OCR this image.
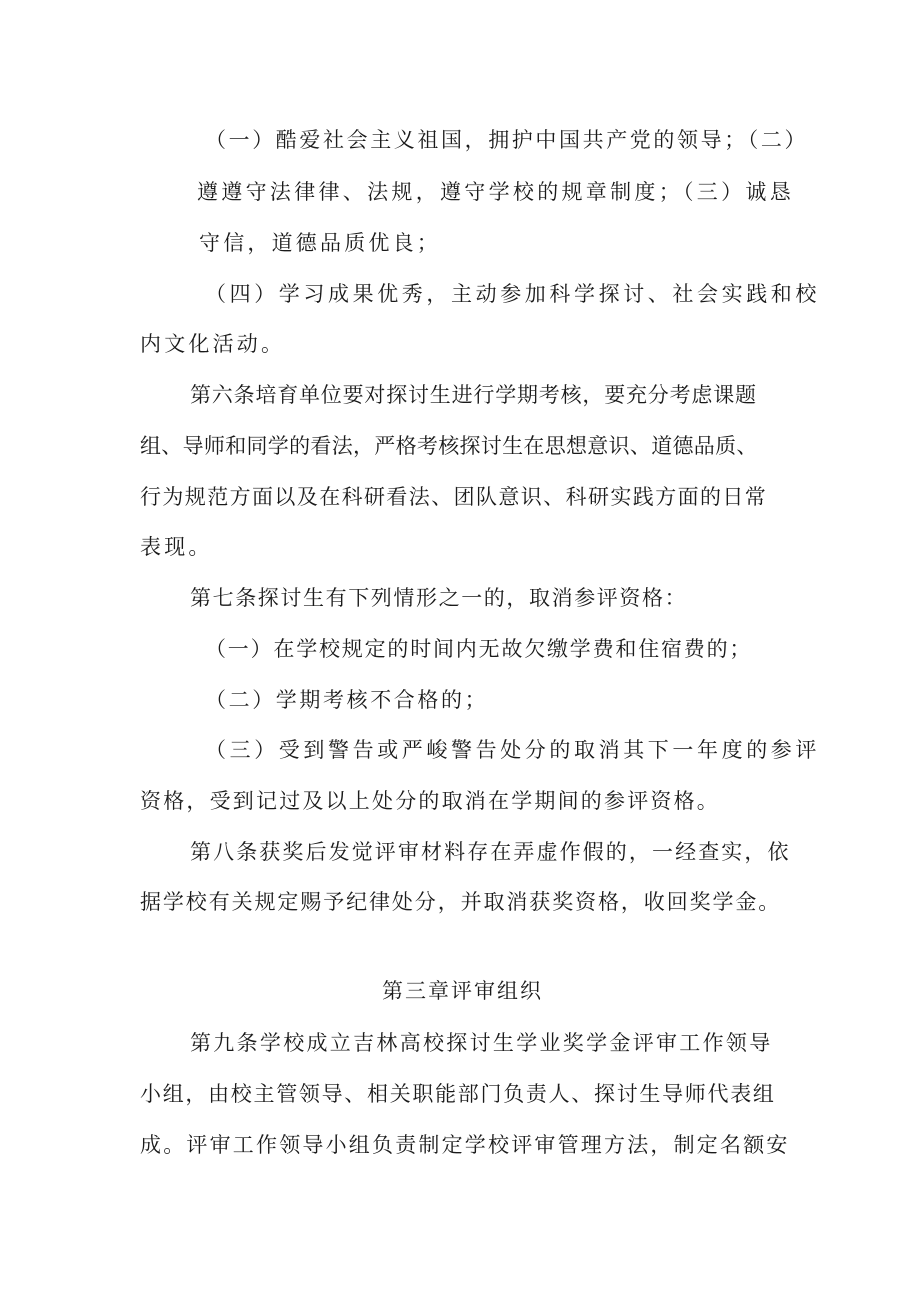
（一）酷爱社会主义祖国，拥护中国共产党的领导；（二）
遵遵守法律律、法规，遵守学校的规章制度；（三）诚恳
守信，道德品质优良；
（四）学习成果优秀，主动参加科学探讨、社会实践和校
内文化活动。
第六条培育单位要对探讨生进行学期考核，要充分考虑课题
组、导师和同学的看法，严格考核探讨生在思想意识、道德品质、
行为规范方面以及在科研看法、团队意识、科研实践方面的日常
表现。
第七条探讨生有下列情形之一的，取消参评资格：
（一）在学校规定的时间内无故欠缴学费和住宿费的；
（二）学期考核不合格的；
（三）受到警告或严峻警告处分的取消其下一年度的参评
资格，受到记过及以上处分的取消在学期间的参评资格。
第八条获奖后发觉评审材料存在弄虚作假的，一经查实，依
据学校有关规定赐予纪律处分，并取消获奖资格，收回奖学金。
第三章评审组织
第九条学校成立吉林高校探讨生学业奖学金评审工作领导
小组，由校主管领导、相关职能部门负责人、探讨生导师代表组
成。评审工作领导小组负责制定学校评审管理方法，制定名额安
